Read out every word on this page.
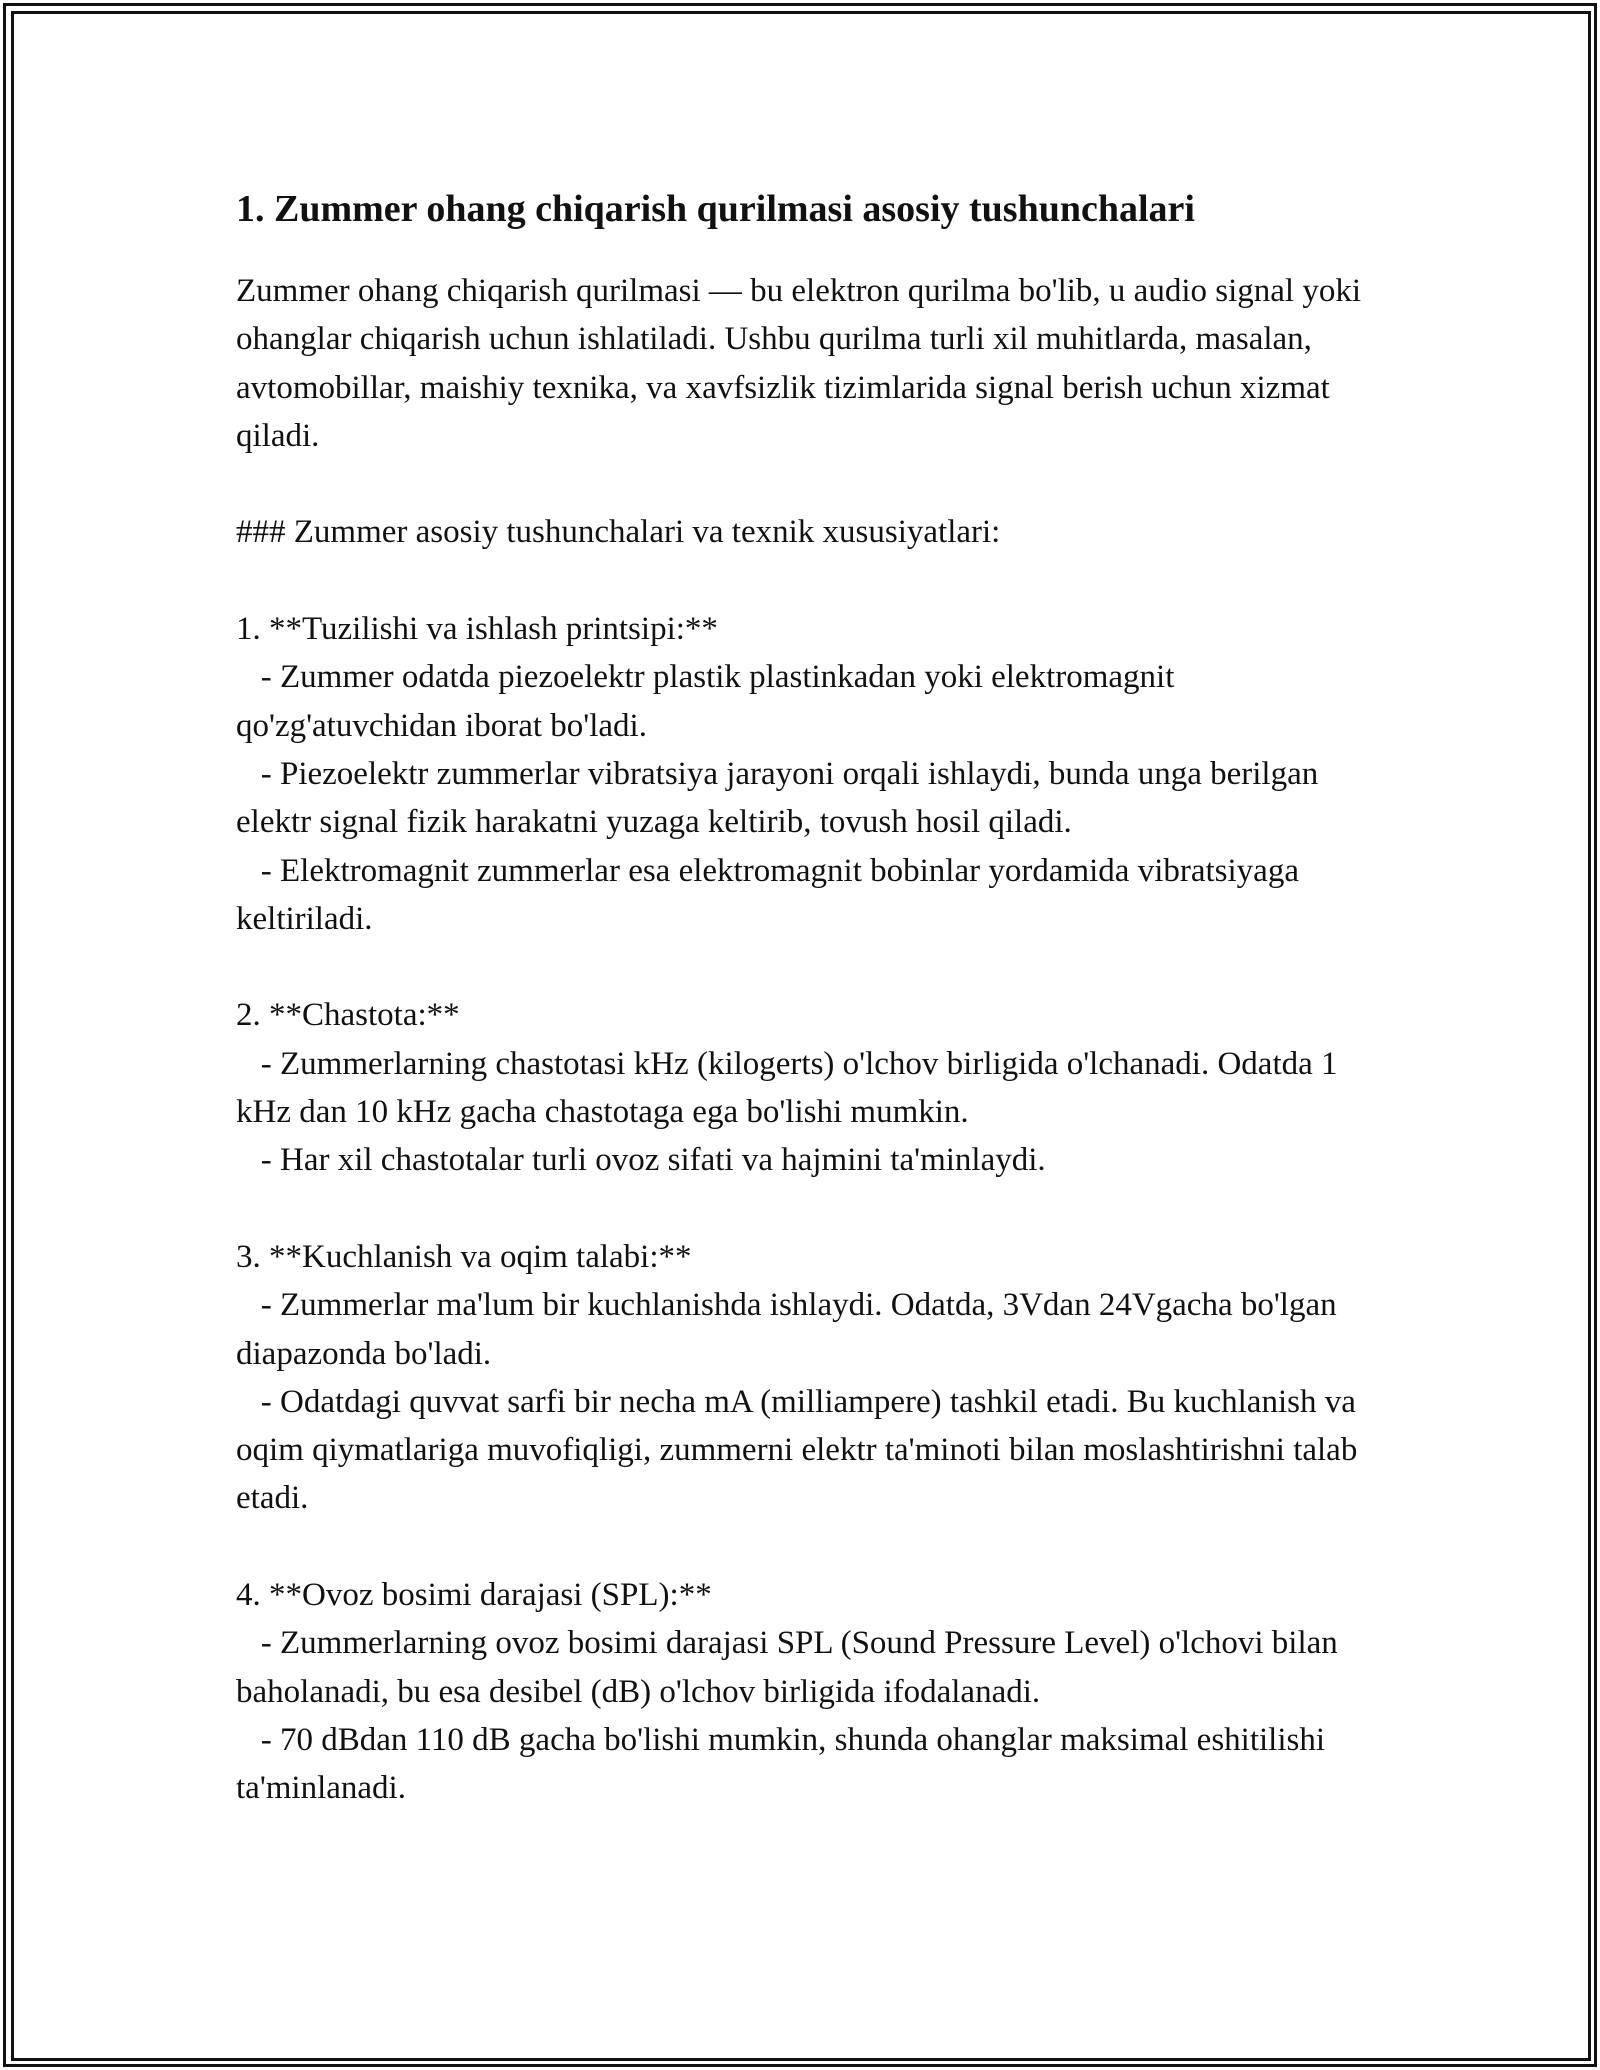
1. Zummer ohang chiqarish qurilmasi asosiy tushunchalari

Zummer ohang chiqarish qurilmasi — bu elektron qurilma bo'lib, u audio signal yoki ohanglar chiqarish uchun ishlatiladi. Ushbu qurilma turli xil muhitlarda, masalan, avtomobillar, maishiy texnika, va xavfsizlik tizimlarida signal berish uchun xizmat qiladi.

### Zummer asosiy tushunchalari va texnik xususiyatlari:

1. **Tuzilishi va ishlash printsipi:**

- Zummer odatda piezoelektr plastik plastinkadan yoki elektromagnit qo'zg'atuvchidan iborat bo'ladi.

- Piezoelektr zummerlar vibratsiya jarayoni orqali ishlaydi, bunda unga berilgan elektr signal fizik harakatni yuzaga keltirib, tovush hosil qiladi.

- Elektromagnit zummerlar esa elektromagnit bobinlar yordamida vibratsiyaga keltiriladi.

2. **Chastota:**

- Zummerlarning chastotasi kHz (kilogerts) o'lchov birligida o'lchanadi. Odatda 1 kHz dan 10 kHz gacha chastotaga ega bo'lishi mumkin.

- Har xil chastotalar turli ovoz sifati va hajmini ta'minlaydi.

3. **Kuchlanish va oqim talabi:**

- Zummerlar ma'lum bir kuchlanishda ishlaydi. Odatda, 3Vdan 24Vgacha bo'lgan diapazonda bo'ladi.

- Odatdagi quvvat sarfi bir necha mA (milliampere) tashkil etadi. Bu kuchlanish va oqim qiymatlariga muvofiqligi, zummerni elektr ta'minoti bilan moslashtirishni talab etadi.

4. **Ovoz bosimi darajasi (SPL):**

- Zummerlarning ovoz bosimi darajasi SPL (Sound Pressure Level) o'lchovi bilan baholanadi, bu esa desibel (dB) o'lchov birligida ifodalanadi.

- 70 dBdan 110 dB gacha bo'lishi mumkin, shunda ohanglar maksimal eshitilishi ta'minlanadi.
